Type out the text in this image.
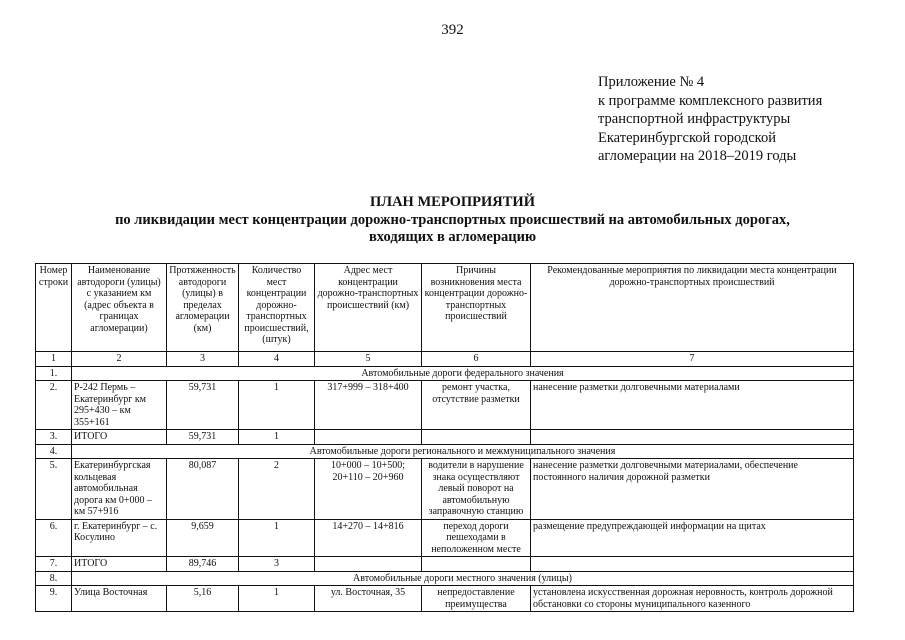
392
Приложение № 4
к программе комплексного развития
транспортной инфраструктуры
Екатеринбургской городской
агломерации на 2018–2019 годы
ПЛАН МЕРОПРИЯТИЙ
по ликвидации мест концентрации дорожно-транспортных происшествий на автомобильных дорогах,
входящих в агломерацию
Номер строки	Наименование автодороги (улицы) с указанием км (адрес объекта в границах агломерации)	Протяженность автодороги (улицы) в пределах агломерации (км)	Количество мест концентрации дорожно-транспортных происшествий, (штук)	Адрес мест концентрации дорожно-транспортных происшествий (км)	Причины возникновения места концентрации дорожно-транспортных происшествий	Рекомендованные мероприятия по ликвидации места концентрации дорожно-транспортных происшествий
1	2	3	4	5	6	7
1.	Автомобильные дороги федерального значения					
2.	Р-242 Пермь – Екатеринбург км 295+430 – км 355+161	59,731	1	317+999 – 318+400	ремонт участка, отсутствие разметки	нанесение разметки долговечными материалами
3.	ИТОГО	59,731	1			
4.	Автомобильные дороги регионального и межмуниципального значения					
5.	Екатеринбургская кольцевая автомобильная дорога км 0+000 – км 57+916	80,087	2	10+000 – 10+500; 20+110 – 20+960	водители в нарушение знака осуществляют левый поворот на автомобильную заправочную станцию	нанесение разметки долговечными материалами, обеспечение постоянного наличия дорожной разметки
6.	г. Екатеринбург – с. Косулино	9,659	1	14+270 – 14+816	переход дороги пешеходами в неположенном месте	размещение предупреждающей информации на щитах
7.	ИТОГО	89,746	3			
8.	Автомобильные дороги местного значения (улицы)					
9.	Улица Восточная	5,16	1	ул. Восточная, 35	непредоставление преимущества	установлена искусственная дорожная неровность, контроль дорожной обстановки со стороны муниципального казенного
